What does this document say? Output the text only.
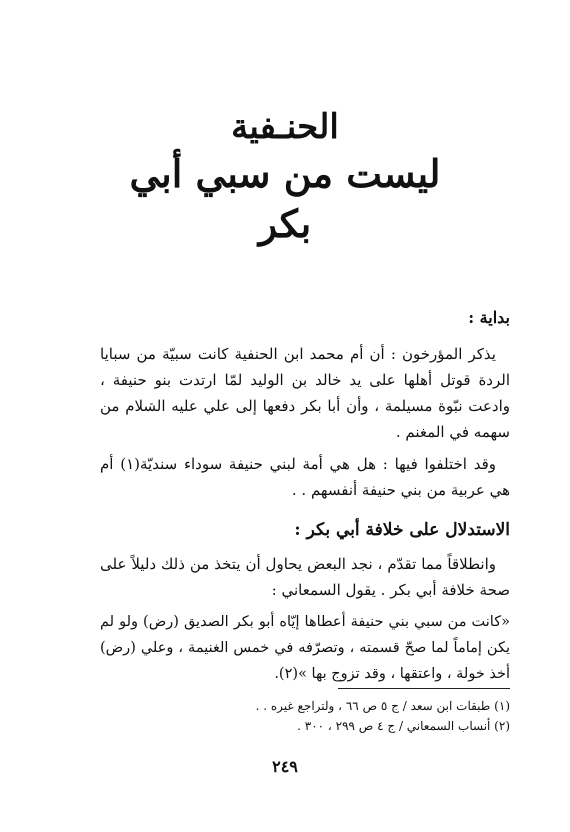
الحنـفية
ليست من سبي أبي بكر
بداية :

يذكر المؤرخون : أن أم محمد ابن الحنفية كانت سبيّة من سبايا الردة قوتل أهلها على يد خالد بن الوليد لمّا ارتدت بنو حنيفة ، وادعت نبّوة مسيلمة ، وأن أبا بكر دفعها إلى علي عليه السلام من سهمه في المغنم .

وقد اختلفوا فيها : هل هي أمة لبني حنيفة سوداء سنديّة(١) أم هي عربية من بني حنيفة أنفسهم . .

الاستدلال على خلافة أبي بكر :

وانطلاقاً مما تقدّم ، نجد البعض يحاول أن يتخذ من ذلك دليلاً على صحة خلافة أبي بكر . يقول السمعاني :

«كانت من سبي بني حنيفة أعطاها إيّاه أبو بكر الصديق (رض) ولو لم يكن إماماً لما صحّ قسمته ، وتصرّفه في خمس الغنيمة ، وعلي (رض) أخذ خولة ، واعتقها ، وقد تزوج بها »(٢).

(١) طبقات ابن سعد / ج ٥ ص ٦٦ ، ولتراجع غيره . .
(٢) أنساب السمعاني / ج ٤ ص ٢٩٩ ، ٣٠٠ .
٢٤٩
